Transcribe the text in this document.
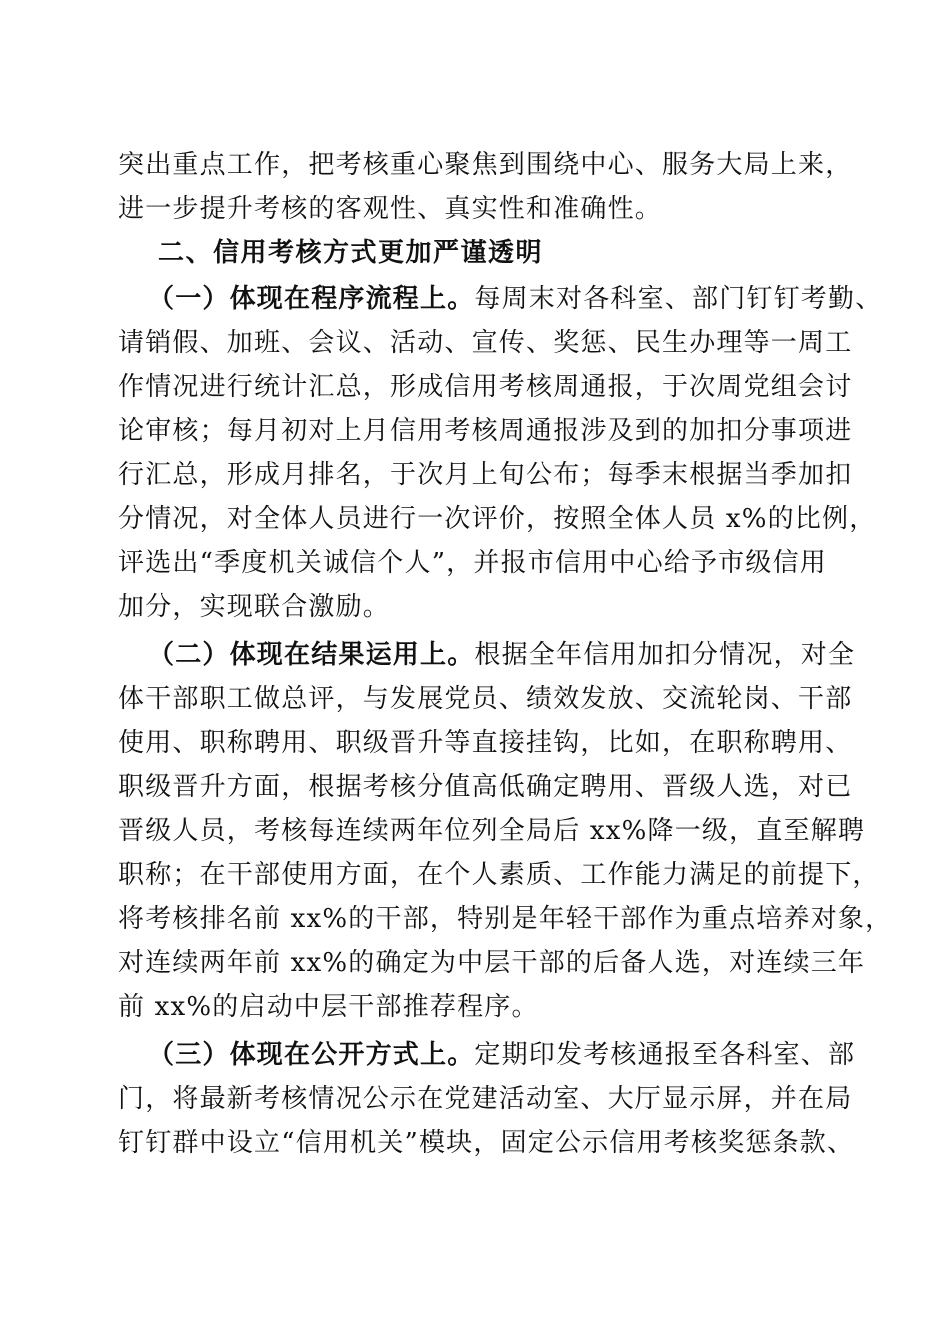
突出重点工作，把考核重心聚焦到围绕中心、服务大局上来，
进一步提升考核的客观性、真实性和准确性。
二、信用考核方式更加严谨透明
（一）体现在程序流程上。每周末对各科室、部门钉钉考勤、
请销假、加班、会议、活动、宣传、奖惩、民生办理等一周工
作情况进行统计汇总，形成信用考核周通报，于次周党组会讨
论审核；每月初对上月信用考核周通报涉及到的加扣分事项进
行汇总，形成月排名，于次月上旬公布；每季末根据当季加扣
分情况，对全体人员进行一次评价，按照全体人员 x%的比例，
评选出“季度机关诚信个人”，并报市信用中心给予市级信用
加分，实现联合激励。
（二）体现在结果运用上。根据全年信用加扣分情况，对全
体干部职工做总评，与发展党员、绩效发放、交流轮岗、干部
使用、职称聘用、职级晋升等直接挂钩，比如，在职称聘用、
职级晋升方面，根据考核分值高低确定聘用、晋级人选，对已
晋级人员，考核每连续两年位列全局后 xx%降一级，直至解聘
职称；在干部使用方面，在个人素质、工作能力满足的前提下，
将考核排名前 xx%的干部，特别是年轻干部作为重点培养对象，
对连续两年前 xx%的确定为中层干部的后备人选，对连续三年
前 xx%的启动中层干部推荐程序。
（三）体现在公开方式上。定期印发考核通报至各科室、部
门，将最新考核情况公示在党建活动室、大厅显示屏，并在局
钉钉群中设立“信用机关”模块，固定公示信用考核奖惩条款、
